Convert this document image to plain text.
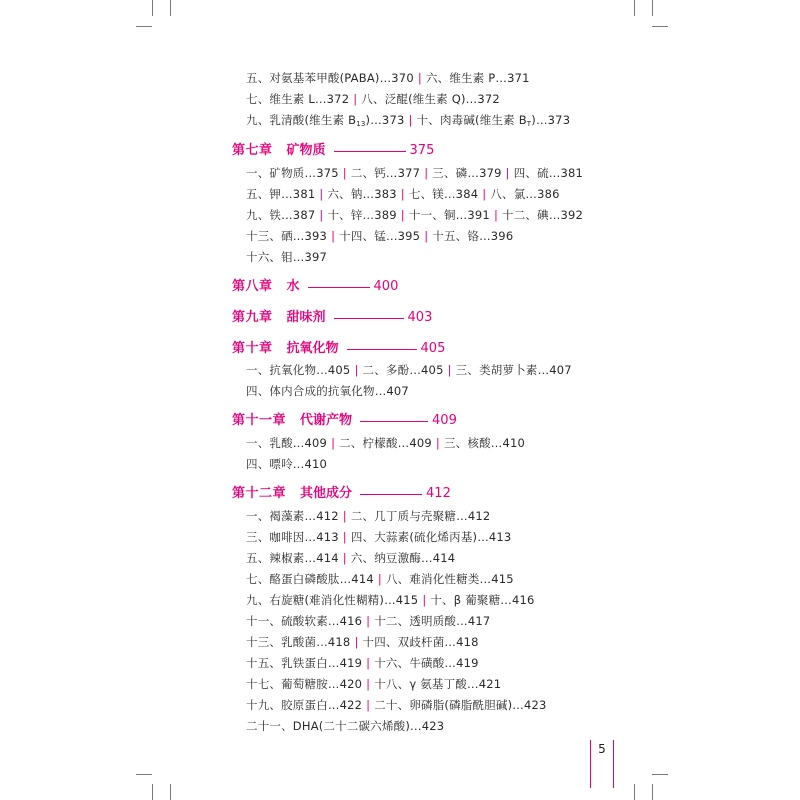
五、对氨基苯甲酸(PABA)…370 | 六、维生素 P…371
七、维生素 L…372 | 八、泛醌(维生素 Q)…372
九、乳清酸(维生素 $B_{13})\dots 373$ | 十、肉毒碱(维生素 $B_T)\dots 373$
第七章 矿物质	375
一、矿物质…375 | 二、钙…377 | 三、磷…379 | 四、硫…381
五、钾…381 | 六、钠…383 | 七、镁…384 | 八、氯…386
九、铁…387 | 十、锌…389 | 十一、铜…391 | 十二、碘…392
十三、硒…393 | 十四、锰…395 | 十五、铬…396
十六、钼…397
第八章 水	400
第九章 甜味剂	403
第十章 抗氧化物	405
一、抗氧化物…405 | 二、多酚…405 | 三、类胡萝卜素…407
四、体内合成的抗氧化物…407
第十一章 代谢产物	409
一、乳酸…409 | 二、柠檬酸…409 | 三、核酸…410
四、嘌呤…410
第十二章 其他成分	412
一、褐藻素…412 | 二、几丁质与壳聚糖…412
三、咖啡因…413 | 四、大蒜素(硫化烯丙基)…413
五、辣椒素…414 | 六、纳豆激酶…414
七、酪蛋白磷酸肽…414 | 八、难消化性糖类…415
九、右旋糖(难消化性糊精)…415 | 十、β 葡聚糖…416
十一、硫酸软素…416 | 十二、透明质酸…417
十三、乳酸菌…418 | 十四、双歧杆菌…418
十五、乳铁蛋白…419 | 十六、牛磺酸…419
十七、葡萄糖胺…420 | 十八、γ 氨基丁酸…421
十九、胶原蛋白…422 | 二十、卵磷脂(磷脂酰胆碱)…423
二十一、DHA(二十二碳六烯酸)…423
5
